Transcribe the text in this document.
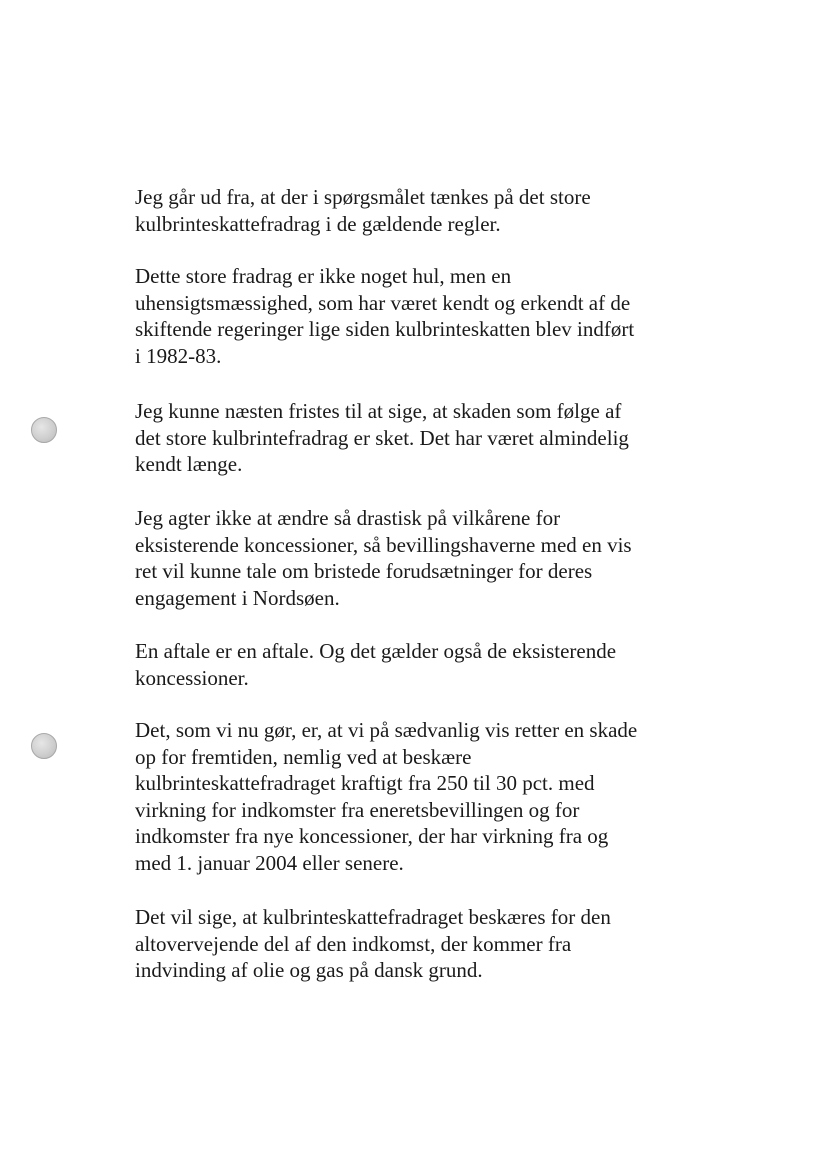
Jeg går ud fra, at der i spørgsmålet tænkes på det store
kulbrinteskattefradrag i de gældende regler.
Dette store fradrag er ikke noget hul, men en
uhensigtsmæssighed, som har været kendt og erkendt af de
skiftende regeringer lige siden kulbrinteskatten blev indført
i 1982-83.
Jeg kunne næsten fristes til at sige, at skaden som følge af
det store kulbrintefradrag er sket. Det har været almindelig
kendt længe.
Jeg agter ikke at ændre så drastisk på vilkårene for
eksisterende koncessioner, så bevillingshaverne med en vis
ret vil kunne tale om bristede forudsætninger for deres
engagement i Nordsøen.
En aftale er en aftale. Og det gælder også de eksisterende
koncessioner.
Det, som vi nu gør, er, at vi på sædvanlig vis retter en skade
op for fremtiden, nemlig ved at beskære
kulbrinteskattefradraget kraftigt fra 250 til 30 pct. med
virkning for indkomster fra eneretsbevillingen og for
indkomster fra nye koncessioner, der har virkning fra og
med 1. januar 2004 eller senere.
Det vil sige, at kulbrinteskattefradraget beskæres for den
altovervejende del af den indkomst, der kommer fra
indvinding af olie og gas på dansk grund.
